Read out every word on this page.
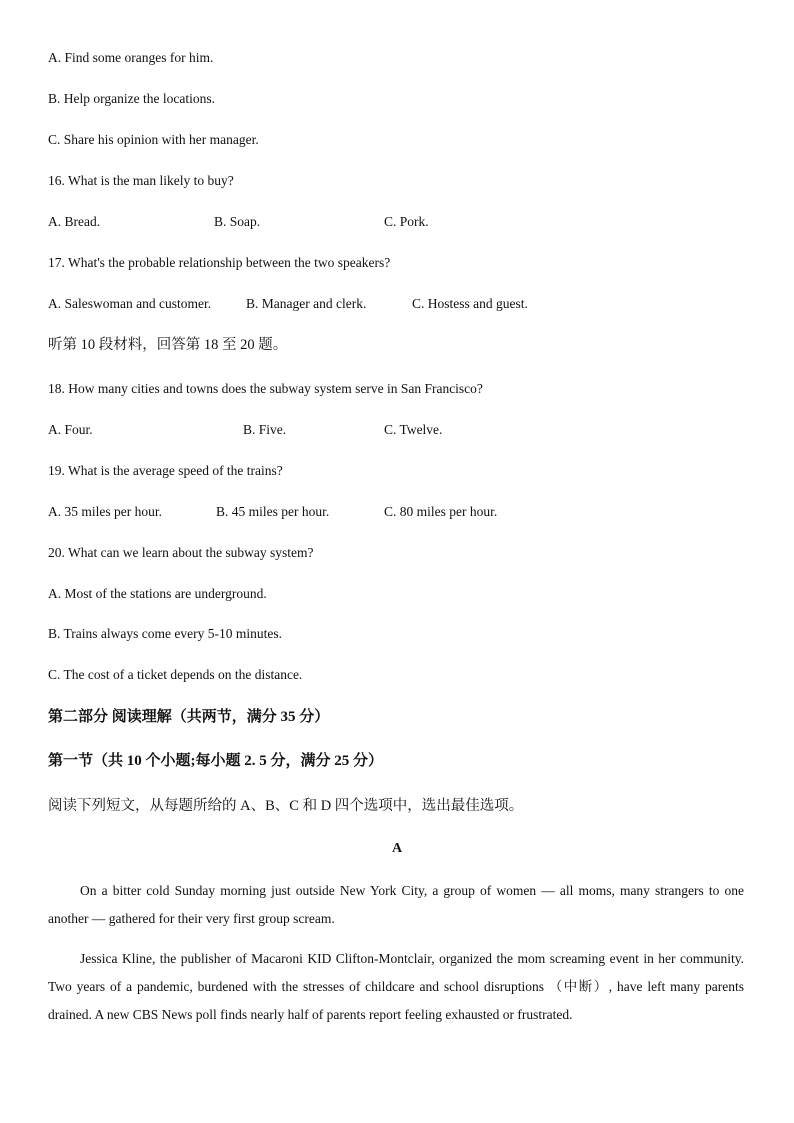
A. Find some oranges for him.
B. Help organize the locations.
C. Share his opinion with her manager.
16. What is the man likely to buy?
A. Bread.	B. Soap.	C. Pork.
17. What's the probable relationship between the two speakers?
A. Saleswoman and customer.	B. Manager and clerk.	C. Hostess and guest.
听第 10 段材料，回答第 18 至 20 题。
18. How many cities and towns does the subway system serve in San Francisco?
A. Four.	B. Five.	C. Twelve.
19. What is the average speed of the trains?
A. 35 miles per hour.	B. 45 miles per hour.	C. 80 miles per hour.
20. What can we learn about the subway system?
A. Most of the stations are underground.
B. Trains always come every 5-10 minutes.
C. The cost of a ticket depends on the distance.
第二部分 阅读理解（共两节，满分 35 分）
第一节（共 10 个小题;每小题 2. 5 分，满分 25 分）
阅读下列短文，从每题所给的 A、B、C 和 D 四个选项中，选出最佳选项。
A
On a bitter cold Sunday morning just outside New York City, a group of women — all moms, many strangers to one another — gathered for their very first group scream.
Jessica Kline, the publisher of Macaroni KID Clifton-Montclair, organized the mom screaming event in her community. Two years of a pandemic, burdened with the stresses of childcare and school disruptions （中断）, have left many parents drained. A new CBS News poll finds nearly half of parents report feeling exhausted or frustrated.
